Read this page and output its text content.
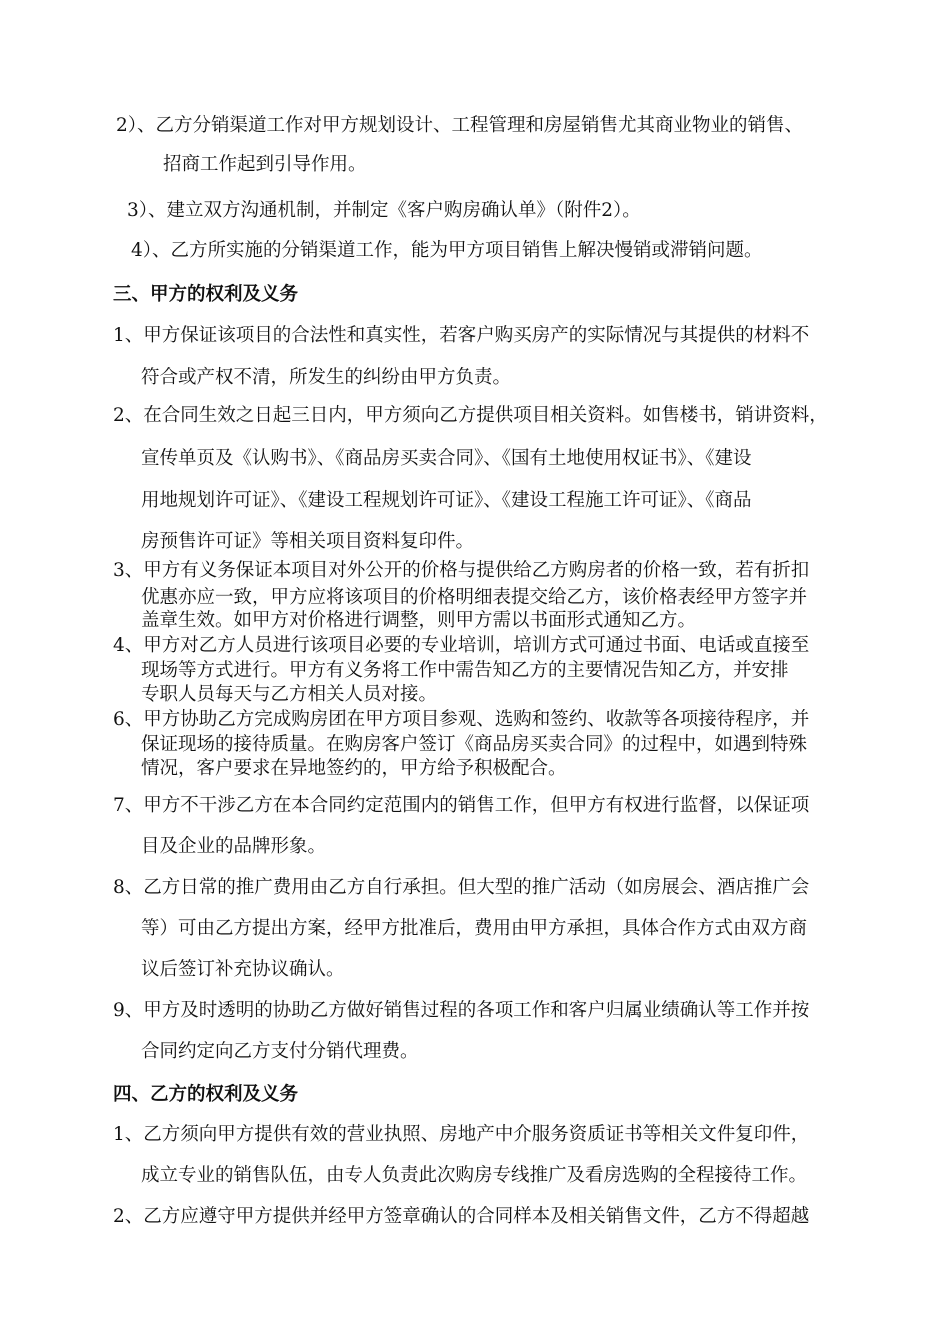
2）、乙方分销渠道工作对甲方规划设计、工程管理和房屋销售尤其商业物业的销售、
招商工作起到引导作用。
3）、建立双方沟通机制，并制定《客户购房确认单》（附件2）。
4）、乙方所实施的分销渠道工作，能为甲方项目销售上解决慢销或滞销问题。
三、甲方的权利及义务
1、甲方保证该项目的合法性和真实性，若客户购买房产的实际情况与其提供的材料不
符合或产权不清，所发生的纠纷由甲方负责。
2、在合同生效之日起三日内，甲方须向乙方提供项目相关资料。如售楼书，销讲资料，
宣传单页及《认购书》、《商品房买卖合同》、《国有土地使用权证书》、《建设
用地规划许可证》、《建设工程规划许可证》、《建设工程施工许可证》、《商品
房预售许可证》等相关项目资料复印件。
3、甲方有义务保证本项目对外公开的价格与提供给乙方购房者的价格一致，若有折扣
优惠亦应一致，甲方应将该项目的价格明细表提交给乙方，该价格表经甲方签字并
盖章生效。如甲方对价格进行调整，则甲方需以书面形式通知乙方。
4、甲方对乙方人员进行该项目必要的专业培训，培训方式可通过书面、电话或直接至
现场等方式进行。甲方有义务将工作中需告知乙方的主要情况告知乙方，并安排
专职人员每天与乙方相关人员对接。
6、甲方协助乙方完成购房团在甲方项目参观、选购和签约、收款等各项接待程序，并
保证现场的接待质量。在购房客户签订《商品房买卖合同》的过程中，如遇到特殊
情况，客户要求在异地签约的，甲方给予积极配合。
7、甲方不干涉乙方在本合同约定范围内的销售工作，但甲方有权进行监督，以保证项
目及企业的品牌形象。
8、乙方日常的推广费用由乙方自行承担。但大型的推广活动（如房展会、酒店推广会
等）可由乙方提出方案，经甲方批准后，费用由甲方承担，具体合作方式由双方商
议后签订补充协议确认。
9、甲方及时透明的协助乙方做好销售过程的各项工作和客户归属业绩确认等工作并按
合同约定向乙方支付分销代理费。
四、乙方的权利及义务
1、乙方须向甲方提供有效的营业执照、房地产中介服务资质证书等相关文件复印件，
成立专业的销售队伍，由专人负责此次购房专线推广及看房选购的全程接待工作。
2、乙方应遵守甲方提供并经甲方签章确认的合同样本及相关销售文件，乙方不得超越
